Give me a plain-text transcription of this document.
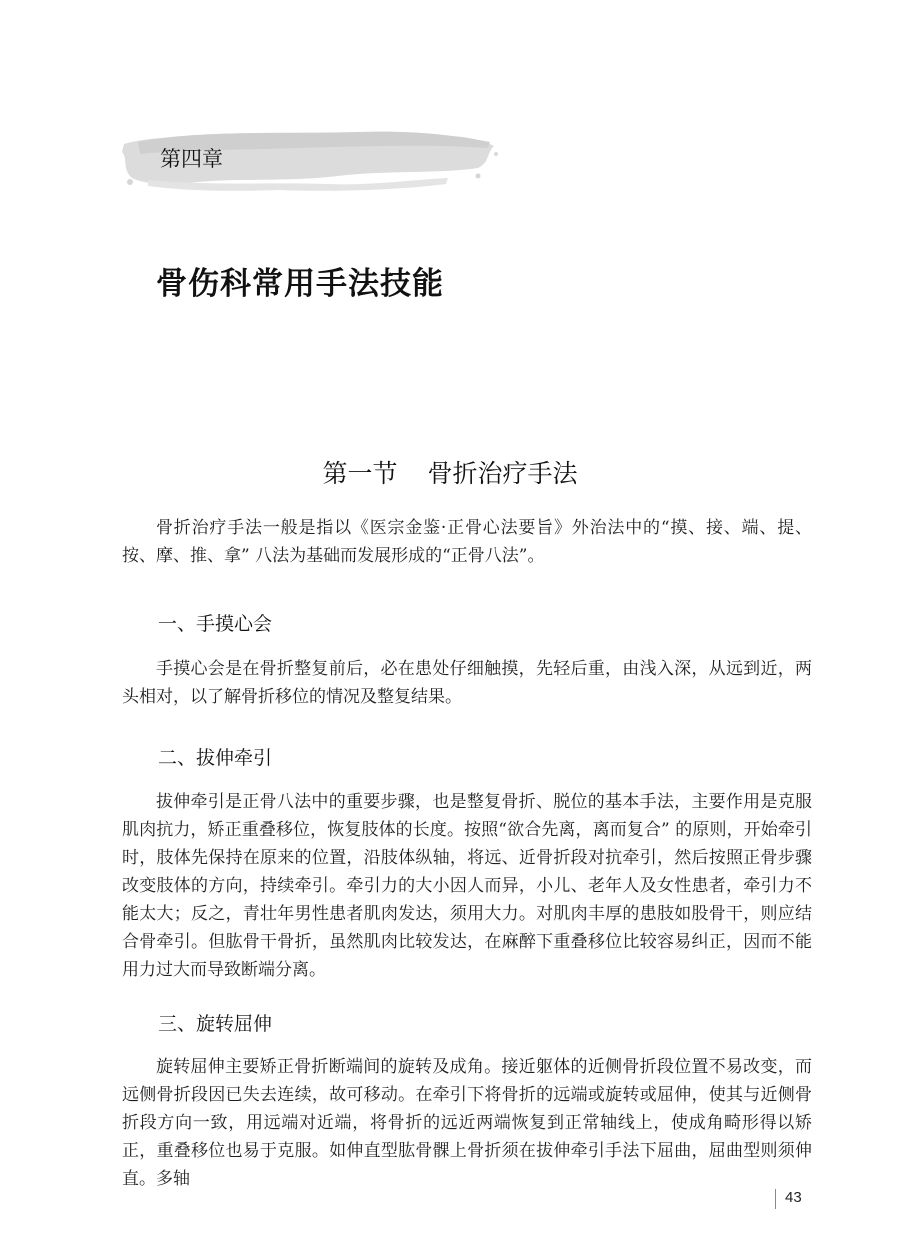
第四章
骨伤科常用手法技能
第一节 骨折治疗手法
骨折治疗手法一般是指以《医宗金鉴·正骨心法要旨》外治法中的“摸、接、端、提、按、摩、推、拿” 八法为基础而发展形成的“正骨八法”。
一、手摸心会
手摸心会是在骨折整复前后，必在患处仔细触摸，先轻后重，由浅入深，从远到近，两头相对，以了解骨折移位的情况及整复结果。
二、拔伸牵引
拔伸牵引是正骨八法中的重要步骤，也是整复骨折、脱位的基本手法，主要作用是克服肌肉抗力，矫正重叠移位，恢复肢体的长度。按照“欲合先离，离而复合” 的原则，开始牵引时，肢体先保持在原来的位置，沿肢体纵轴，将远、近骨折段对抗牵引，然后按照正骨步骤改变肢体的方向，持续牵引。牵引力的大小因人而异，小儿、老年人及女性患者，牵引力不能太大；反之，青壮年男性患者肌肉发达，须用大力。对肌肉丰厚的患肢如股骨干，则应结合骨牵引。但肱骨干骨折，虽然肌肉比较发达，在麻醉下重叠移位比较容易纠正，因而不能用力过大而导致断端分离。
三、旋转屈伸
旋转屈伸主要矫正骨折断端间的旋转及成角。接近躯体的近侧骨折段位置不易改变，而远侧骨折段因已失去连续，故可移动。在牵引下将骨折的远端或旋转或屈伸，使其与近侧骨折段方向一致，用远端对近端，将骨折的远近两端恢复到正常轴线上，使成角畸形得以矫正，重叠移位也易于克服。如伸直型肱骨髁上骨折须在拔伸牵引手法下屈曲，屈曲型则须伸直。多轴
43
